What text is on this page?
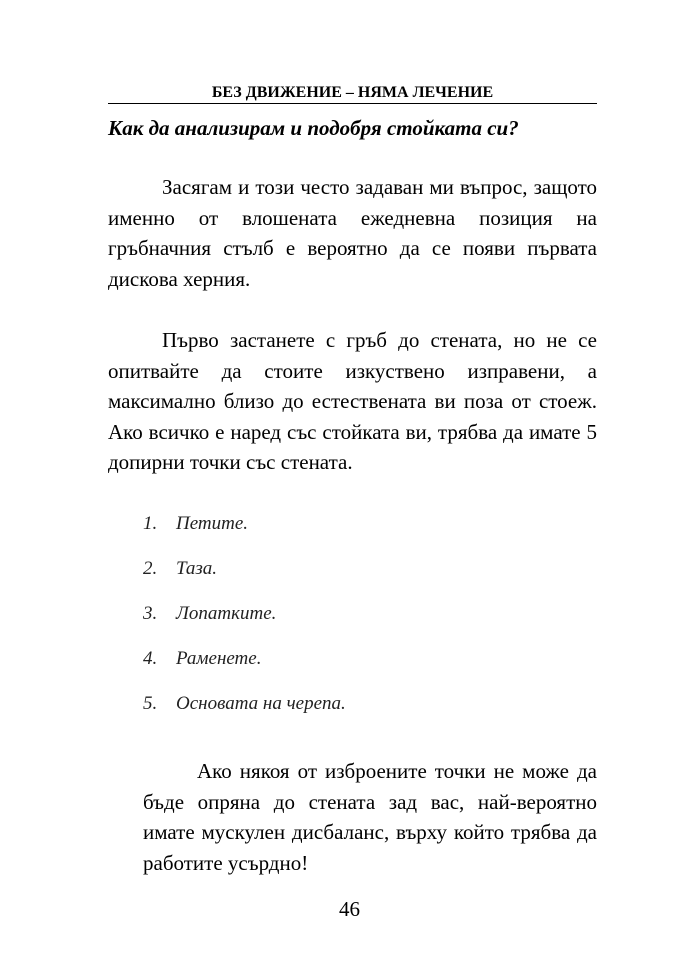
БЕЗ ДВИЖЕНИЕ – НЯМА ЛЕЧЕНИЕ
Как да анализирам и подобря стойката си?

Засягам и този често задаван ми въпрос, защото именно от влошената ежедневна позиция на гръбначния стълб е вероятно да се появи първата дискова херния.

Първо застанете с гръб до стената, но не се опитвайте да стоите изкуствено изправени, а максимално близо до естествената ви поза от стоеж. Ако всичко е наред със стойката ви, трябва да имате 5 допирни точки със стената.

1. Петите.
2. Таза.
3. Лопатките.
4. Раменете.
5. Основата на черепа.

Ако някоя от изброените точки не може да бъде опряна до стената зад вас, най-вероятно имате мускулен дисбаланс, върху който трябва да работите усърдно!

46
